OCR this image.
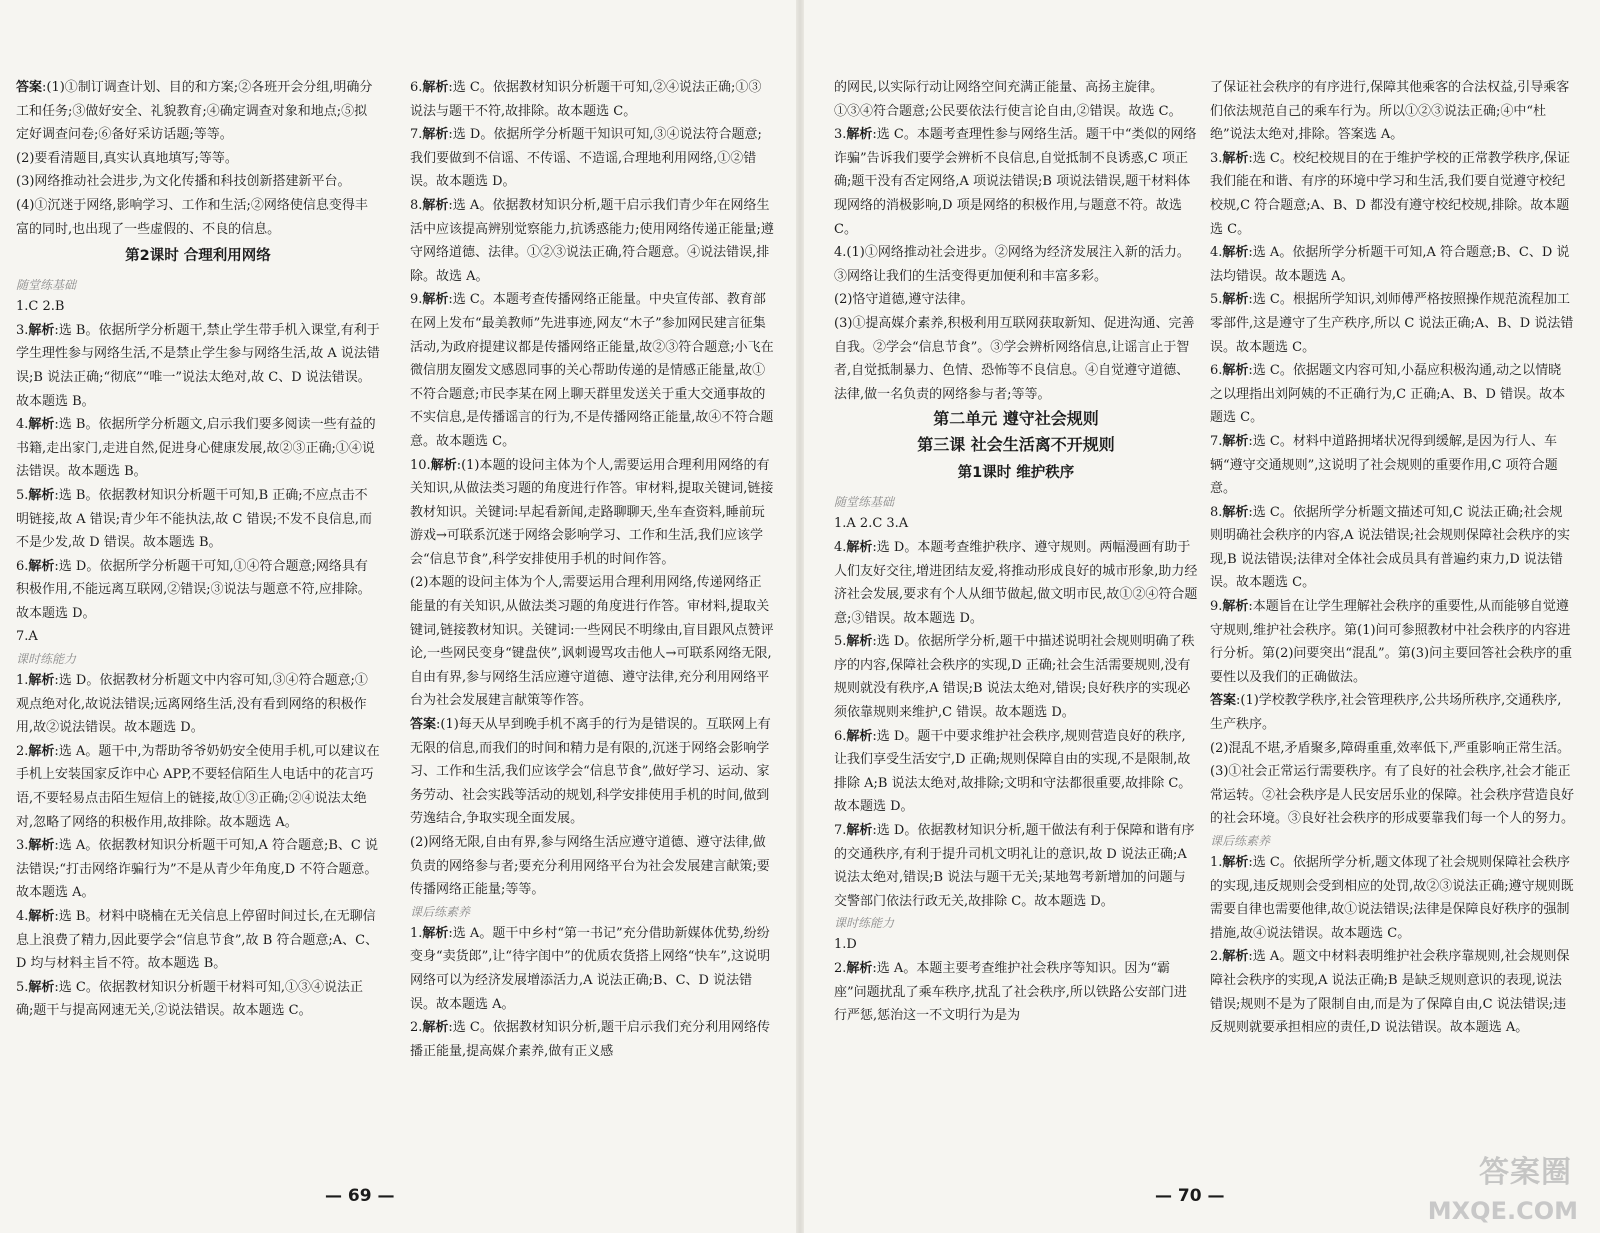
答案:(1)①制订调查计划、目的和方案;②各班开会分组,明确分工和任务;③做好安全、礼貌教育;④确定调查对象和地点;⑤拟定好调查问卷;⑥备好采访话题;等等。

(2)要看清题目,真实认真地填写;等等。

(3)网络推动社会进步,为文化传播和科技创新搭建新平台。

(4)①沉迷于网络,影响学习、工作和生活;②网络使信息变得丰富的同时,也出现了一些虚假的、不良的信息。

第2课时 合理利用网络

随堂练基础

1.C 2.B

3.解析:选 B。依据所学分析题干,禁止学生带手机入课堂,有利于学生理性参与网络生活,不是禁止学生参与网络生活,故 A 说法错误;B 说法正确;“彻底”“唯一”说法太绝对,故 C、D 说法错误。故本题选 B。

4.解析:选 B。依据所学分析题文,启示我们要多阅读一些有益的书籍,走出家门,走进自然,促进身心健康发展,故②③正确;①④说法错误。故本题选 B。

5.解析:选 B。依据教材知识分析题干可知,B 正确;不应点击不明链接,故 A 错误;青少年不能执法,故 C 错误;不发不良信息,而不是少发,故 D 错误。故本题选 B。

6.解析:选 D。依据所学分析题干可知,①④符合题意;网络具有积极作用,不能远离互联网,②错误;③说法与题意不符,应排除。故本题选 D。

7.A

课时练能力

1.解析:选 D。依据教材分析题文中内容可知,③④符合题意;①观点绝对化,故说法错误;远离网络生活,没有看到网络的积极作用,故②说法错误。故本题选 D。

2.解析:选 A。题干中,为帮助爷爷奶奶安全使用手机,可以建议在手机上安装国家反诈中心 APP,不要轻信陌生人电话中的花言巧语,不要轻易点击陌生短信上的链接,故①③正确;②④说法太绝对,忽略了网络的积极作用,故排除。故本题选 A。

3.解析:选 A。依据教材知识分析题干可知,A 符合题意;B、C 说法错误;“打击网络诈骗行为”不是从青少年角度,D 不符合题意。故本题选 A。

4.解析:选 B。材料中晓楠在无关信息上停留时间过长,在无聊信息上浪费了精力,因此要学会“信息节食”,故 B 符合题意;A、C、D 均与材料主旨不符。故本题选 B。

5.解析:选 C。依据教材知识分析题干材料可知,①③④说法正确;题干与提高网速无关,②说法错误。故本题选 C。

6.解析:选 C。依据教材知识分析题干可知,②④说法正确;①③说法与题干不符,故排除。故本题选 C。

7.解析:选 D。依据所学分析题干知识可知,③④说法符合题意;我们要做到不信谣、不传谣、不造谣,合理地利用网络,①②错误。故本题选 D。

8.解析:选 A。依据教材知识分析,题干启示我们青少年在网络生活中应该提高辨别觉察能力,抗诱惑能力;使用网络传递正能量;遵守网络道德、法律。①②③说法正确,符合题意。④说法错误,排除。故选 A。

9.解析:选 C。本题考查传播网络正能量。中央宣传部、教育部在网上发布“最美教师”先进事迹,网友“木子”参加网民建言征集活动,为政府提建议都是传播网络正能量,故②③符合题意;小飞在微信朋友圈发文感恩同事的关心帮助传递的是情感正能量,故①不符合题意;市民李某在网上聊天群里发送关于重大交通事故的不实信息,是传播谣言的行为,不是传播网络正能量,故④不符合题意。故本题选 C。

10.解析:(1)本题的设问主体为个人,需要运用合理利用网络的有关知识,从做法类习题的角度进行作答。审材料,提取关键词,链接教材知识。关键词:早起看新闻,走路聊聊天,坐车查资料,睡前玩游戏→可联系沉迷于网络会影响学习、工作和生活,我们应该学会“信息节食”,科学安排使用手机的时间作答。

(2)本题的设问主体为个人,需要运用合理利用网络,传递网络正能量的有关知识,从做法类习题的角度进行作答。审材料,提取关键词,链接教材知识。关键词:一些网民不明缘由,盲目跟风点赞评论,一些网民变身“键盘侠”,讽刺谩骂攻击他人→可联系网络无限,自由有界,参与网络生活应遵守道德、遵守法律,充分利用网络平台为社会发展建言献策等作答。

答案:(1)每天从早到晚手机不离手的行为是错误的。互联网上有无限的信息,而我们的时间和精力是有限的,沉迷于网络会影响学习、工作和生活,我们应该学会“信息节食”,做好学习、运动、家务劳动、社会实践等活动的规划,科学安排使用手机的时间,做到劳逸结合,争取实现全面发展。

(2)网络无限,自由有界,参与网络生活应遵守道德、遵守法律,做负责的网络参与者;要充分利用网络平台为社会发展建言献策;要传播网络正能量;等等。

课后练素养

1.解析:选 A。题干中乡村“第一书记”充分借助新媒体优势,纷纷变身“卖货郎”,让“待字闺中”的优质农货搭上网络“快车”,这说明网络可以为经济发展增添活力,A 说法正确;B、C、D 说法错误。故本题选 A。

2.解析:选 C。依据教材知识分析,题干启示我们充分利用网络传播正能量,提高媒介素养,做有正义感

— 69 —

的网民,以实际行动让网络空间充满正能量、高扬主旋律。①③④符合题意;公民要依法行使言论自由,②错误。故选 C。

3.解析:选 C。本题考查理性参与网络生活。题干中“类似的网络诈骗”告诉我们要学会辨析不良信息,自觉抵制不良诱惑,C 项正确;题干没有否定网络,A 项说法错误;B 项说法错误,题干材料体现网络的消极影响,D 项是网络的积极作用,与题意不符。故选 C。

4.(1)①网络推动社会进步。②网络为经济发展注入新的活力。③网络让我们的生活变得更加便利和丰富多彩。

(2)恪守道德,遵守法律。

(3)①提高媒介素养,积极利用互联网获取新知、促进沟通、完善自我。②学会“信息节食”。③学会辨析网络信息,让谣言止于智者,自觉抵制暴力、色情、恐怖等不良信息。④自觉遵守道德、法律,做一名负责的网络参与者;等等。

第二单元 遵守社会规则
第三课 社会生活离不开规则
第1课时 维护秩序

随堂练基础

1.A 2.C 3.A

4.解析:选 D。本题考查维护秩序、遵守规则。两幅漫画有助于人们友好交往,增进团结友爱,将推动形成良好的城市形象,助力经济社会发展,要求有个人从细节做起,做文明市民,故①②④符合题意;③错误。故本题选 D。

5.解析:选 D。依据所学分析,题干中描述说明社会规则明确了秩序的内容,保障社会秩序的实现,D 正确;社会生活需要规则,没有规则就没有秩序,A 错误;B 说法太绝对,错误;良好秩序的实现必须依靠规则来维护,C 错误。故本题选 D。

6.解析:选 D。题干中要求维护社会秩序,规则营造良好的秩序,让我们享受生活安宁,D 正确;规则保障自由的实现,不是限制,故排除 A;B 说法太绝对,故排除;文明和守法都很重要,故排除 C。故本题选 D。

7.解析:选 D。依据教材知识分析,题干做法有利于保障和谐有序的交通秩序,有利于提升司机文明礼让的意识,故 D 说法正确;A 说法太绝对,错误;B 说法与题干无关;某地驾考新增加的问题与交警部门依法行政无关,故排除 C。故本题选 D。

课时练能力

1.D

2.解析:选 A。本题主要考查维护社会秩序等知识。因为“霸座”问题扰乱了乘车秩序,扰乱了社会秩序,所以铁路公安部门进行严惩,惩治这一不文明行为是为

了保证社会秩序的有序进行,保障其他乘客的合法权益,引导乘客们依法规范自己的乘车行为。所以①②③说法正确;④中“杜绝”说法太绝对,排除。答案选 A。

3.解析:选 C。校纪校规目的在于维护学校的正常教学秩序,保证我们能在和谐、有序的环境中学习和生活,我们要自觉遵守校纪校规,C 符合题意;A、B、D 都没有遵守校纪校规,排除。故本题选 C。

4.解析:选 A。依据所学分析题干可知,A 符合题意;B、C、D 说法均错误。故本题选 A。

5.解析:选 C。根据所学知识,刘师傅严格按照操作规范流程加工零部件,这是遵守了生产秩序,所以 C 说法正确;A、B、D 说法错误。故本题选 C。

6.解析:选 C。依据题文内容可知,小磊应积极沟通,动之以情晓之以理指出刘阿姨的不正确行为,C 正确;A、B、D 错误。故本题选 C。

7.解析:选 C。材料中道路拥堵状况得到缓解,是因为行人、车辆“遵守交通规则”,这说明了社会规则的重要作用,C 项符合题意。

8.解析:选 C。依据所学分析题文描述可知,C 说法正确;社会规则明确社会秩序的内容,A 说法错误;社会规则保障社会秩序的实现,B 说法错误;法律对全体社会成员具有普遍约束力,D 说法错误。故本题选 C。

9.解析:本题旨在让学生理解社会秩序的重要性,从而能够自觉遵守规则,维护社会秩序。第(1)问可参照教材中社会秩序的内容进行分析。第(2)问要突出“混乱”。第(3)问主要回答社会秩序的重要性以及我们的正确做法。

答案:(1)学校教学秩序,社会管理秩序,公共场所秩序,交通秩序,生产秩序。

(2)混乱不堪,矛盾聚多,障碍重重,效率低下,严重影响正常生活。

(3)①社会正常运行需要秩序。有了良好的社会秩序,社会才能正常运转。②社会秩序是人民安居乐业的保障。社会秩序营造良好的社会环境。③良好社会秩序的形成要靠我们每一个人的努力。

课后练素养

1.解析:选 C。依据所学分析,题文体现了社会规则保障社会秩序的实现,违反规则会受到相应的处罚,故②③说法正确;遵守规则既需要自律也需要他律,故①说法错误;法律是保障良好秩序的强制措施,故④说法错误。故本题选 C。

2.解析:选 A。题文中材料表明维护社会秩序靠规则,社会规则保障社会秩序的实现,A 说法正确;B 是缺乏规则意识的表现,说法错误;规则不是为了限制自由,而是为了保障自由,C 说法错误;违反规则就要承担相应的责任,D 说法错误。故本题选 A。

— 70 —
答案圈
MXQE.COM
